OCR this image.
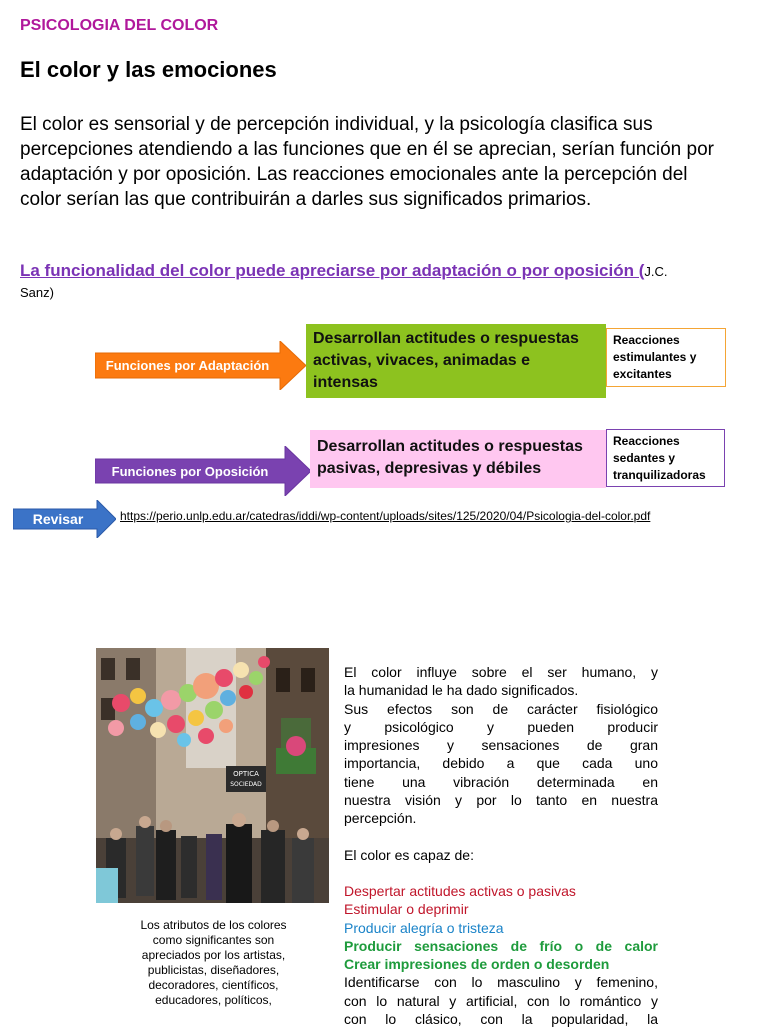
PSICOLOGIA DEL COLOR
El color y las emociones
El color es sensorial y de percepción individual, y la psicología clasifica sus
percepciones atendiendo a las funciones que en él se aprecian, serían función por
adaptación y por oposición. Las reacciones emocionales ante la percepción del
color serían las que contribuirán a darles sus significados primarios.
La funcionalidad del color puede apreciarse por adaptación o por oposición (J.C.
Sanz)
Funciones por Adaptación
Desarrollan actitudes o respuestas activas, vivaces, animadas e intensas
Reacciones estimulantes y excitantes
Funciones por Oposición
Desarrollan actitudes o respuestas pasivas, depresivas y débiles
Reacciones sedantes y tranquilizadoras
Revisar	https://perio.unlp.edu.ar/catedras/iddi/wp-content/uploads/sites/125/2020/04/Psicologia-del-color.pdf
OPTICA
SOCIEDAD
Los atributos de los colores
como significantes son
apreciados por los artistas,
publicistas, diseñadores,
decoradores, científicos,
educadores, políticos,
El color influye sobre el ser humano, y
la humanidad le ha dado significados.
Sus efectos son de carácter fisiológico
y psicológico y pueden producir
impresiones y sensaciones de gran
importancia, debido a que cada uno
tiene una vibración determinada en
nuestra visión y por lo tanto en nuestra
percepción.
El color es capaz de:
Despertar actitudes activas o pasivas
Estimular o deprimir
Producir alegría o tristeza
Producir sensaciones de frío o de calor
Crear impresiones de orden o desorden
Identificarse con lo masculino y femenino,
con lo natural y artificial, con lo romántico y
con lo clásico, con la popularidad, la
